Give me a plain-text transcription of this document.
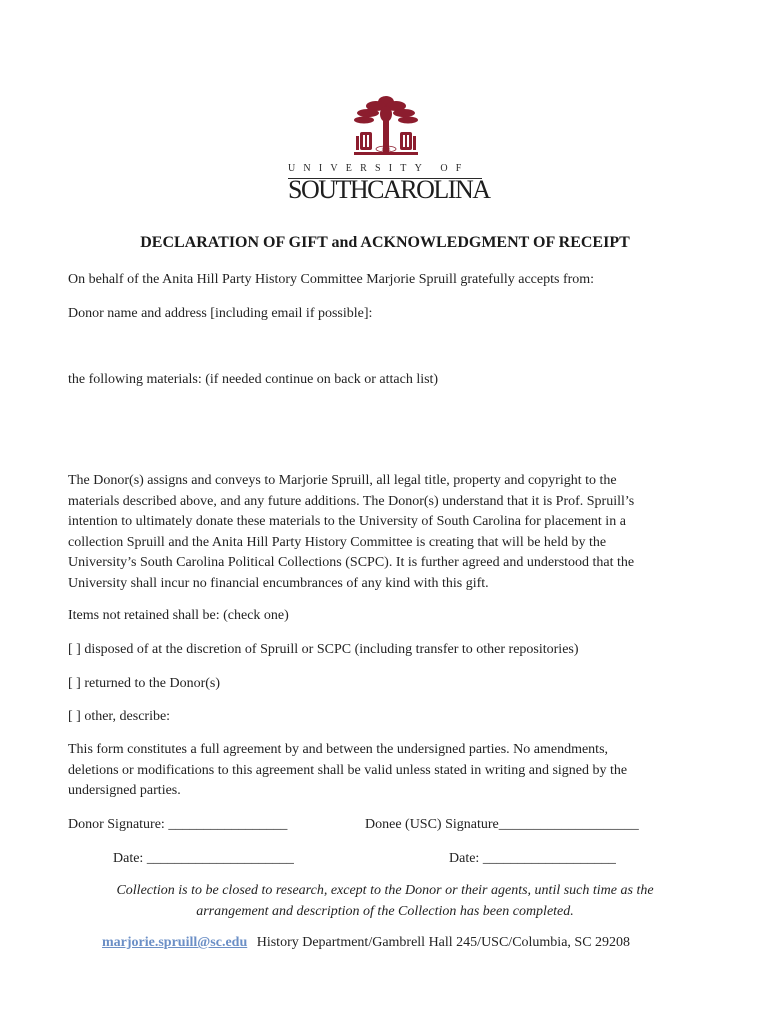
1801
UNIVERSITY OF
SOUTHCAROLINA
DECLARATION OF GIFT and ACKNOWLEDGMENT OF RECEIPT
On behalf of the Anita Hill Party History Committee Marjorie Spruill gratefully accepts from:
Donor name and address [including email if possible]:
the following materials: (if needed continue on back or attach list)
The Donor(s) assigns and conveys to Marjorie Spruill, all legal title, property and copyright to the
materials described above, and any future additions. The Donor(s) understand that it is Prof. Spruill’s
intention to ultimately donate these materials to the University of South Carolina for placement in a
collection Spruill and the Anita Hill Party History Committee is creating that will be held by the
University’s South Carolina Political Collections (SCPC). It is further agreed and understood that the
University shall incur no financial encumbrances of any kind with this gift.
Items not retained shall be: (check one)
[ ] disposed of at the discretion of Spruill or SCPC (including transfer to other repositories)
[ ] returned to the Donor(s)
[ ] other, describe:
This form constitutes a full agreement by and between the undersigned parties. No amendments,
deletions or modifications to this agreement shall be valid unless stated in writing and signed by the
undersigned parties.
Donor Signature: _________________	Donee (USC) Signature____________________
Date: _____________________	Date: ___________________
Collection is to be closed to research, except to the Donor or their agents, until such time as the
arrangement and description of the Collection has been completed.
marjorie.spruill@sc.edu History Department/Gambrell Hall 245/USC/Columbia, SC 29208
